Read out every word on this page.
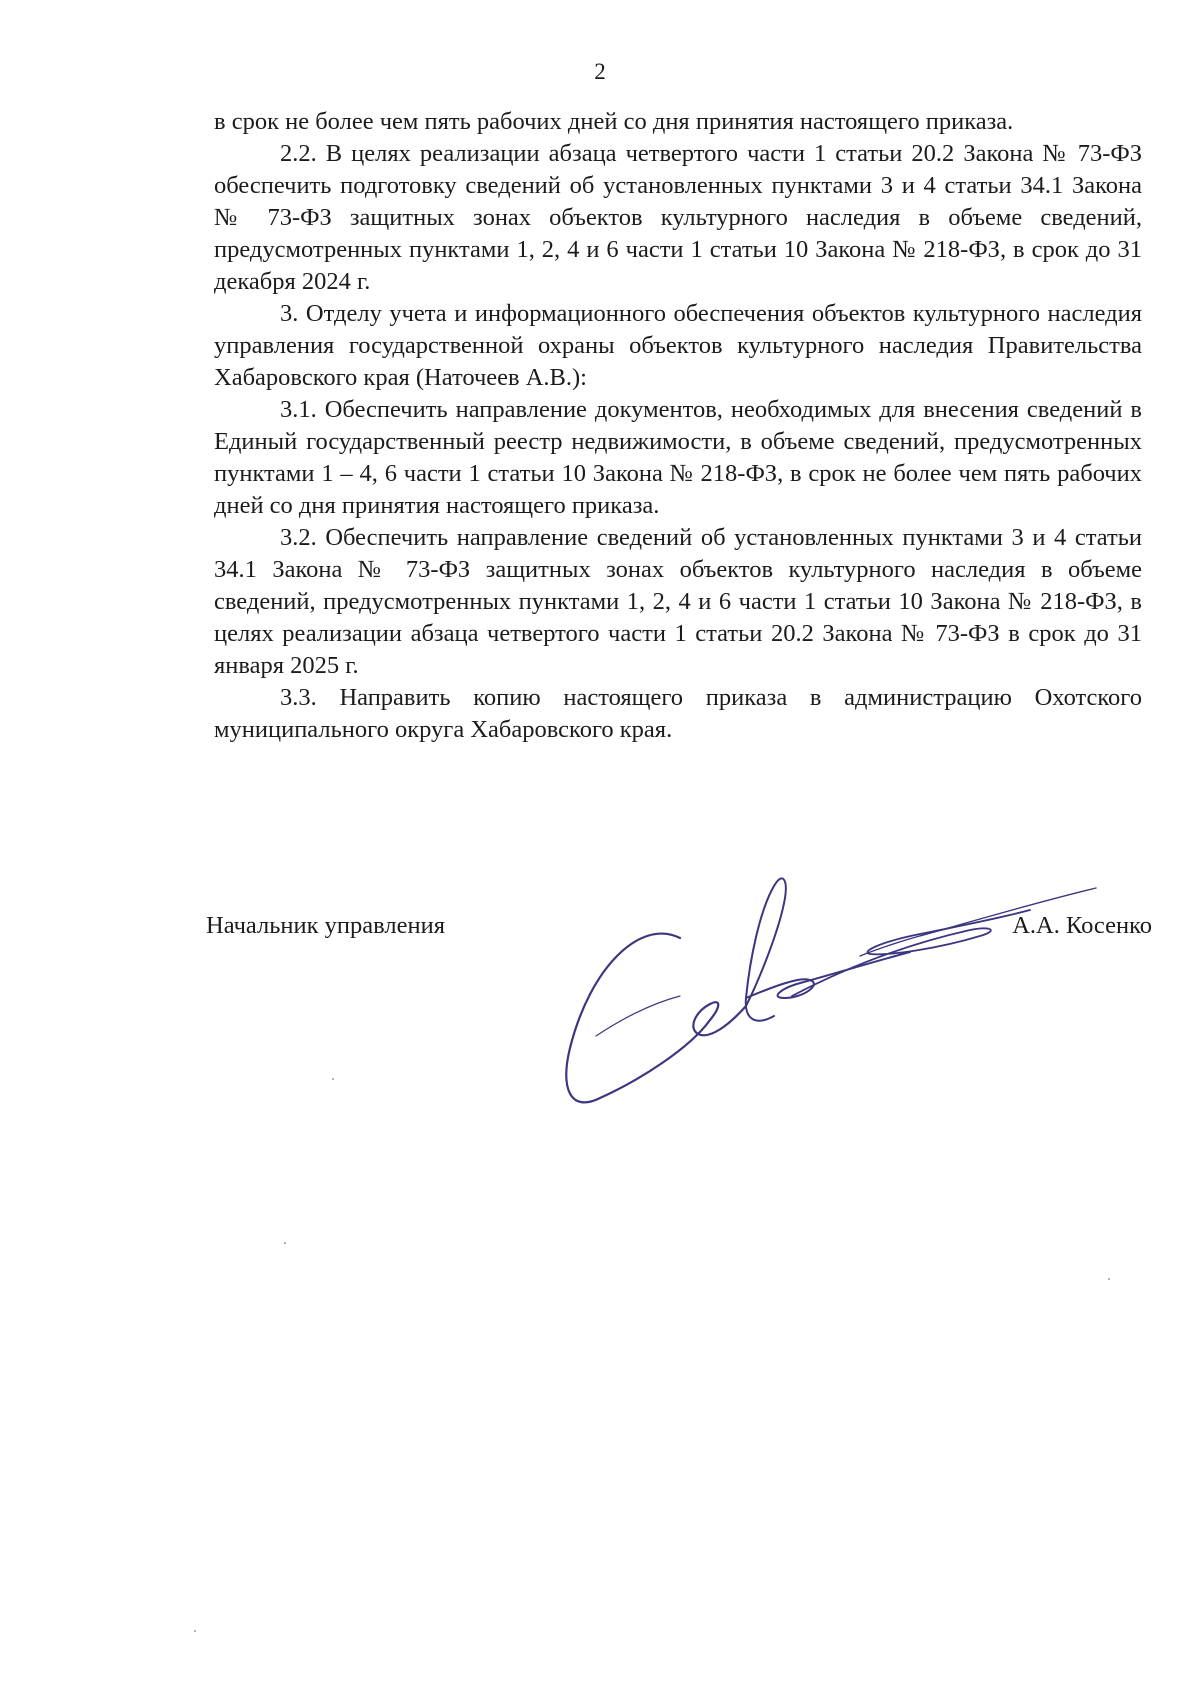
2

в срок не более чем пять рабочих дней со дня принятия настоящего приказа.

2.2. В целях реализации абзаца четвертого части 1 статьи 20.2 Закона № 73-ФЗ обеспечить подготовку сведений об установленных пунктами 3 и 4 статьи 34.1 Закона № 73-ФЗ защитных зонах объектов культурного наследия в объеме сведений, предусмотренных пунктами 1, 2, 4 и 6 части 1 статьи 10 Закона № 218-ФЗ, в срок до 31 декабря 2024 г.

3. Отделу учета и информационного обеспечения объектов культурного наследия управления государственной охраны объектов культурного наследия Правительства Хабаровского края (Наточеев А.В.):

3.1. Обеспечить направление документов, необходимых для внесения сведений в Единый государственный реестр недвижимости, в объеме сведений, предусмотренных пунктами 1 – 4, 6 части 1 статьи 10 Закона № 218-ФЗ, в срок не более чем пять рабочих дней со дня принятия настоящего приказа.

3.2. Обеспечить направление сведений об установленных пунктами 3 и 4 статьи 34.1 Закона № 73-ФЗ защитных зонах объектов культурного наследия в объеме сведений, предусмотренных пунктами 1, 2, 4 и 6 части 1 статьи 10 Закона № 218-ФЗ, в целях реализации абзаца четвертого части 1 статьи 20.2 Закона № 73-ФЗ в срок до 31 января 2025 г.

3.3. Направить копию настоящего приказа в администрацию Охотского муниципального округа Хабаровского края.

Начальник управления	А.А. Косенко
